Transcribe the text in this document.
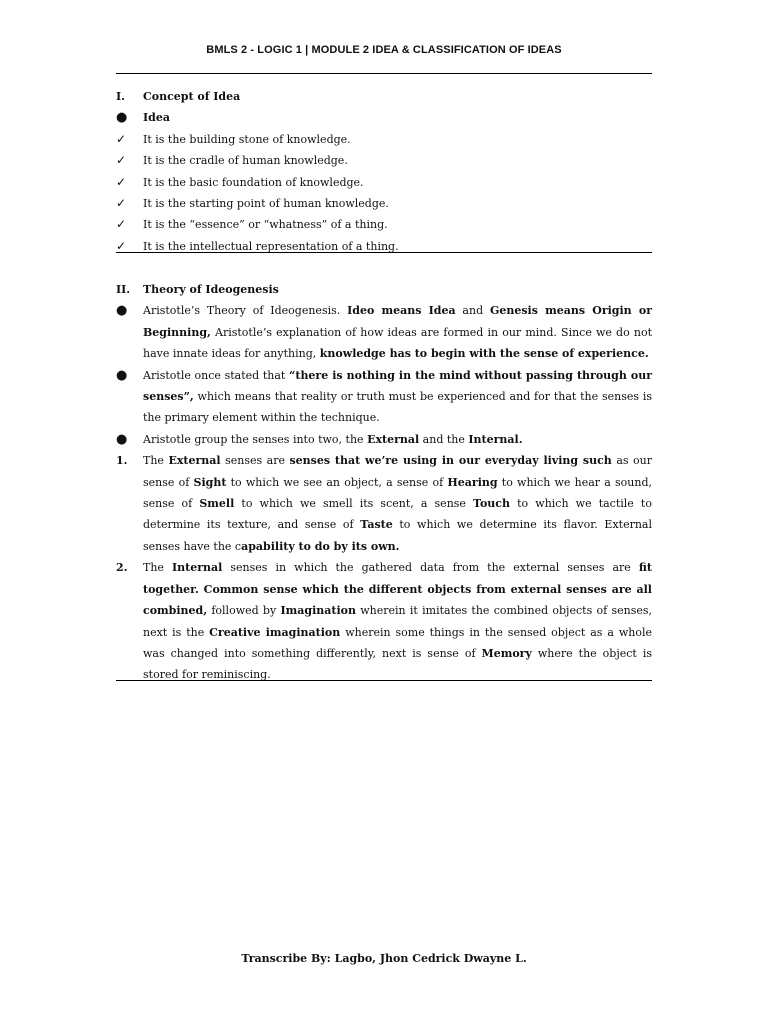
BMLS 2 - LOGIC 1 | MODULE 2 IDEA & CLASSIFICATION OF IDEAS
I.	Concept of Idea
●	Idea
✓	It is the building stone of knowledge.
✓	It is the cradle of human knowledge.
✓	It is the basic foundation of knowledge.
✓	It is the starting point of human knowledge.
✓	It is the “essence” or “whatness” of a thing.
✓	It is the intellectual representation of a thing.
II.	Theory of Ideogenesis
●	Aristotle’s Theory of Ideogenesis. Ideo means Idea and Genesis means Origin or Beginning, Aristotle’s explanation of how ideas are formed in our mind. Since we do not have innate ideas for anything, knowledge has to begin with the sense of experience.
●	Aristotle once stated that “there is nothing in the mind without passing through our senses”, which means that reality or truth must be experienced and for that the senses is the primary element within the technique.
●	Aristotle group the senses into two, the External and the Internal.
1.	The External senses are senses that we’re using in our everyday living such as our sense of Sight to which we see an object, a sense of Hearing to which we hear a sound, sense of Smell to which we smell its scent, a sense Touch to which we tactile to determine its texture, and sense of Taste to which we determine its flavor. External senses have the capability to do by its own.
2.	The Internal senses in which the gathered data from the external senses are fit together. Common sense which the different objects from external senses are all combined, followed by Imagination wherein it imitates the combined objects of senses, next is the Creative imagination wherein some things in the sensed object as a whole was changed into something differently, next is sense of Memory where the object is stored for reminiscing.
Transcribe By: Lagbo, Jhon Cedrick Dwayne L.
